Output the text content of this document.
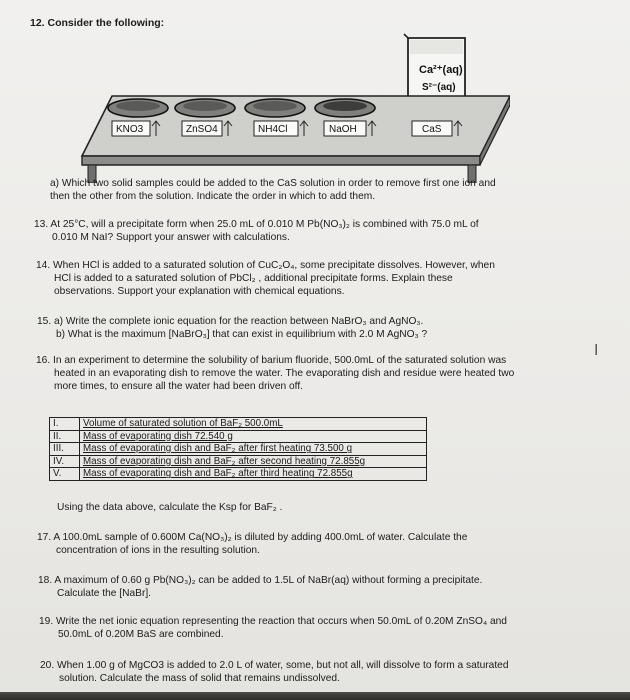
12. Consider the following:
Ca²⁺(aq)
S²⁻(aq)
KNO3	ZnSO4	NH4Cl	NaOH	CaS
a) Which two solid samples could be added to the CaS solution in order to remove first one ion and
then the other from the solution. Indicate the order in which to add them.
13. At 25°C, will a precipitate form when 25.0 mL of 0.010 M Pb(NO₃)₂ is combined with 75.0 mL of
0.010 M NaI? Support your answer with calculations.
14. When HCl is added to a saturated solution of CuC₂O₄, some precipitate dissolves. However, when
HCl is added to a saturated solution of PbCl₂ , additional precipitate forms. Explain these
observations. Support your explanation with chemical equations.
15. a) Write the complete ionic equation for the reaction between NaBrO₃ and AgNO₃.
b) What is the maximum [NaBrO₃] that can exist in equilibrium with 2.0 M AgNO₃ ?
16. In an experiment to determine the solubility of barium fluoride, 500.0mL of the saturated solution was
heated in an evaporating dish to remove the water. The evaporating dish and residue were heated two
more times, to ensure all the water had been driven off.
I.	Volume of saturated solution of BaF₂ 500.0mL
II.	Mass of evaporating dish 72.540 g
III.	Mass of evaporating dish and BaF₂ after first heating 73.500 g
IV.	Mass of evaporating dish and BaF₂ after second heating 72.855g
V.	Mass of evaporating dish and BaF₂ after third heating 72.855g
Using the data above, calculate the Ksp for BaF₂ .
17. A 100.0mL sample of 0.600M Ca(NO₃)₂ is diluted by adding 400.0mL of water. Calculate the
concentration of ions in the resulting solution.
18. A maximum of 0.60 g Pb(NO₃)₂ can be added to 1.5L of NaBr(aq) without forming a precipitate.
Calculate the [NaBr].
19. Write the net ionic equation representing the reaction that occurs when 50.0mL of 0.20M ZnSO₄ and
50.0mL of 0.20M BaS are combined.
20. When 1.00 g of MgCO3 is added to 2.0 L of water, some, but not all, will dissolve to form a saturated
solution. Calculate the mass of solid that remains undissolved.
I
